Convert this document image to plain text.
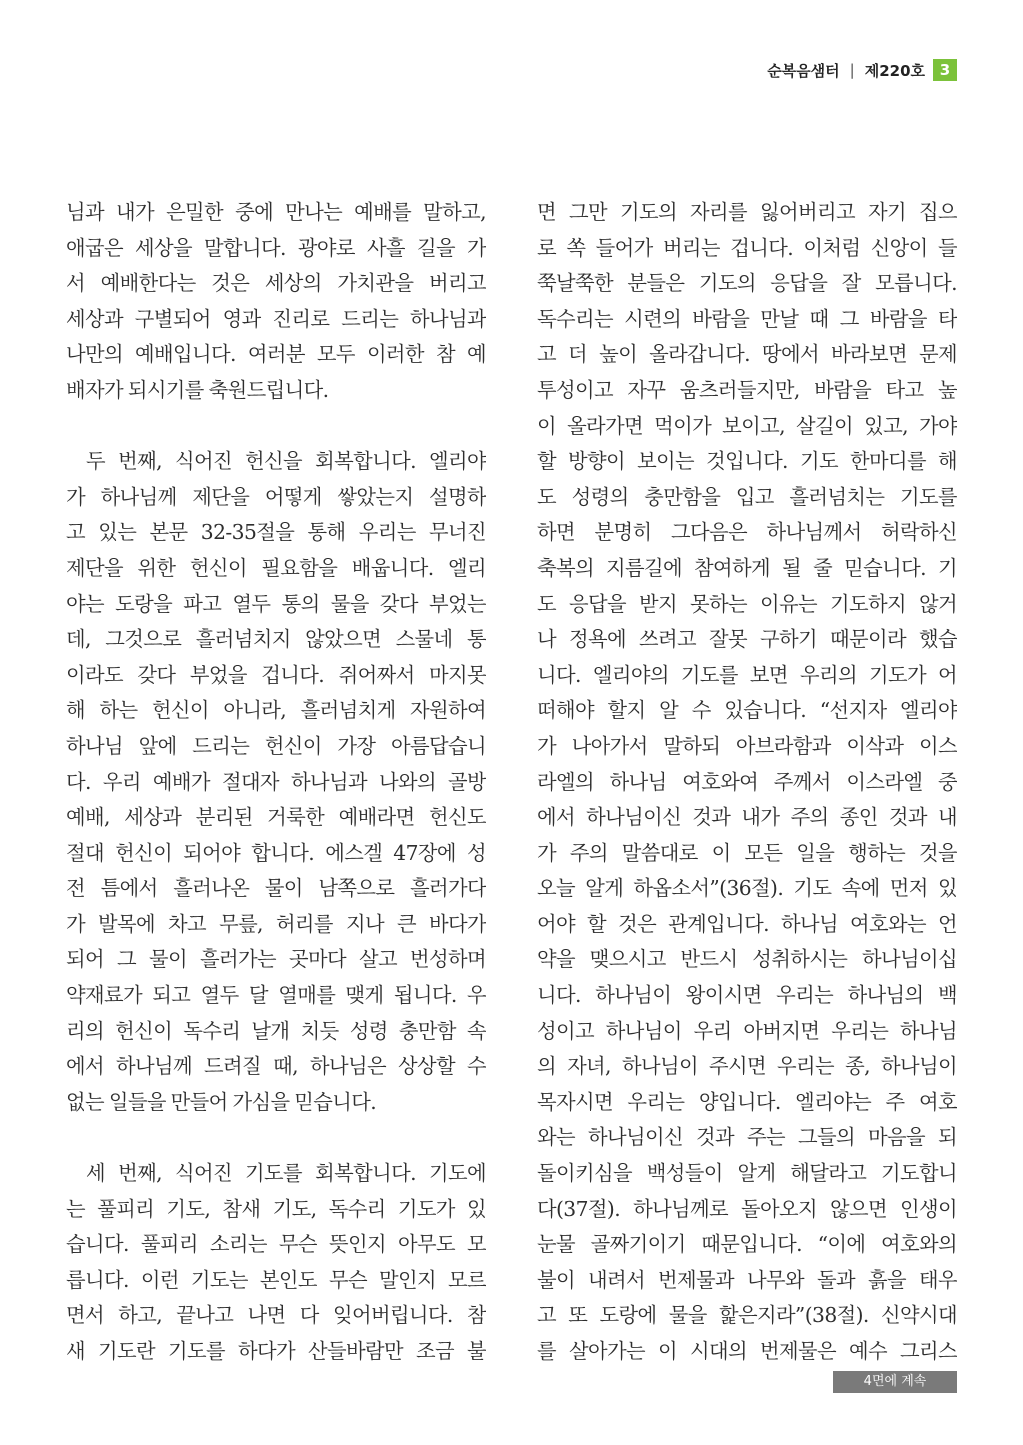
순복음샘터 | 제220호 3
님과 내가 은밀한 중에 만나는 예배를 말하고,
애굽은 세상을 말합니다. 광야로 사흘 길을 가
서 예배한다는 것은 세상의 가치관을 버리고
세상과 구별되어 영과 진리로 드리는 하나님과
나만의 예배입니다. 여러분 모두 이러한 참 예
배자가 되시기를 축원드립니다.
두 번째, 식어진 헌신을 회복합니다. 엘리야
가 하나님께 제단을 어떻게 쌓았는지 설명하
고 있는 본문 32-35절을 통해 우리는 무너진
제단을 위한 헌신이 필요함을 배웁니다. 엘리
야는 도랑을 파고 열두 통의 물을 갖다 부었는
데, 그것으로 흘러넘치지 않았으면 스물네 통
이라도 갖다 부었을 겁니다. 쥐어짜서 마지못
해 하는 헌신이 아니라, 흘러넘치게 자원하여
하나님 앞에 드리는 헌신이 가장 아름답습니
다. 우리 예배가 절대자 하나님과 나와의 골방
예배, 세상과 분리된 거룩한 예배라면 헌신도
절대 헌신이 되어야 합니다. 에스겔 47장에 성
전 틈에서 흘러나온 물이 남쪽으로 흘러가다
가 발목에 차고 무릎, 허리를 지나 큰 바다가
되어 그 물이 흘러가는 곳마다 살고 번성하며
약재료가 되고 열두 달 열매를 맺게 됩니다. 우
리의 헌신이 독수리 날개 치듯 성령 충만함 속
에서 하나님께 드려질 때, 하나님은 상상할 수
없는 일들을 만들어 가심을 믿습니다.
세 번째, 식어진 기도를 회복합니다. 기도에
는 풀피리 기도, 참새 기도, 독수리 기도가 있
습니다. 풀피리 소리는 무슨 뜻인지 아무도 모
릅니다. 이런 기도는 본인도 무슨 말인지 모르
면서 하고, 끝나고 나면 다 잊어버립니다. 참
새 기도란 기도를 하다가 산들바람만 조금 불
면 그만 기도의 자리를 잃어버리고 자기 집으
로 쏙 들어가 버리는 겁니다. 이처럼 신앙이 들
쭉날쭉한 분들은 기도의 응답을 잘 모릅니다.
독수리는 시련의 바람을 만날 때 그 바람을 타
고 더 높이 올라갑니다. 땅에서 바라보면 문제
투성이고 자꾸 움츠러들지만, 바람을 타고 높
이 올라가면 먹이가 보이고, 살길이 있고, 가야
할 방향이 보이는 것입니다. 기도 한마디를 해
도 성령의 충만함을 입고 흘러넘치는 기도를
하면 분명히 그다음은 하나님께서 허락하신
축복의 지름길에 참여하게 될 줄 믿습니다. 기
도 응답을 받지 못하는 이유는 기도하지 않거
나 정욕에 쓰려고 잘못 구하기 때문이라 했습
니다. 엘리야의 기도를 보면 우리의 기도가 어
떠해야 할지 알 수 있습니다. “선지자 엘리야
가 나아가서 말하되 아브라함과 이삭과 이스
라엘의 하나님 여호와여 주께서 이스라엘 중
에서 하나님이신 것과 내가 주의 종인 것과 내
가 주의 말씀대로 이 모든 일을 행하는 것을
오늘 알게 하옵소서”(36절). 기도 속에 먼저 있
어야 할 것은 관계입니다. 하나님 여호와는 언
약을 맺으시고 반드시 성취하시는 하나님이십
니다. 하나님이 왕이시면 우리는 하나님의 백
성이고 하나님이 우리 아버지면 우리는 하나님
의 자녀, 하나님이 주시면 우리는 종, 하나님이
목자시면 우리는 양입니다. 엘리야는 주 여호
와는 하나님이신 것과 주는 그들의 마음을 되
돌이키심을 백성들이 알게 해달라고 기도합니
다(37절). 하나님께로 돌아오지 않으면 인생이
눈물 골짜기이기 때문입니다. “이에 여호와의
불이 내려서 번제물과 나무와 돌과 흙을 태우
고 또 도랑에 물을 핥은지라”(38절). 신약시대
를 살아가는 이 시대의 번제물은 예수 그리스
4면에 계속
